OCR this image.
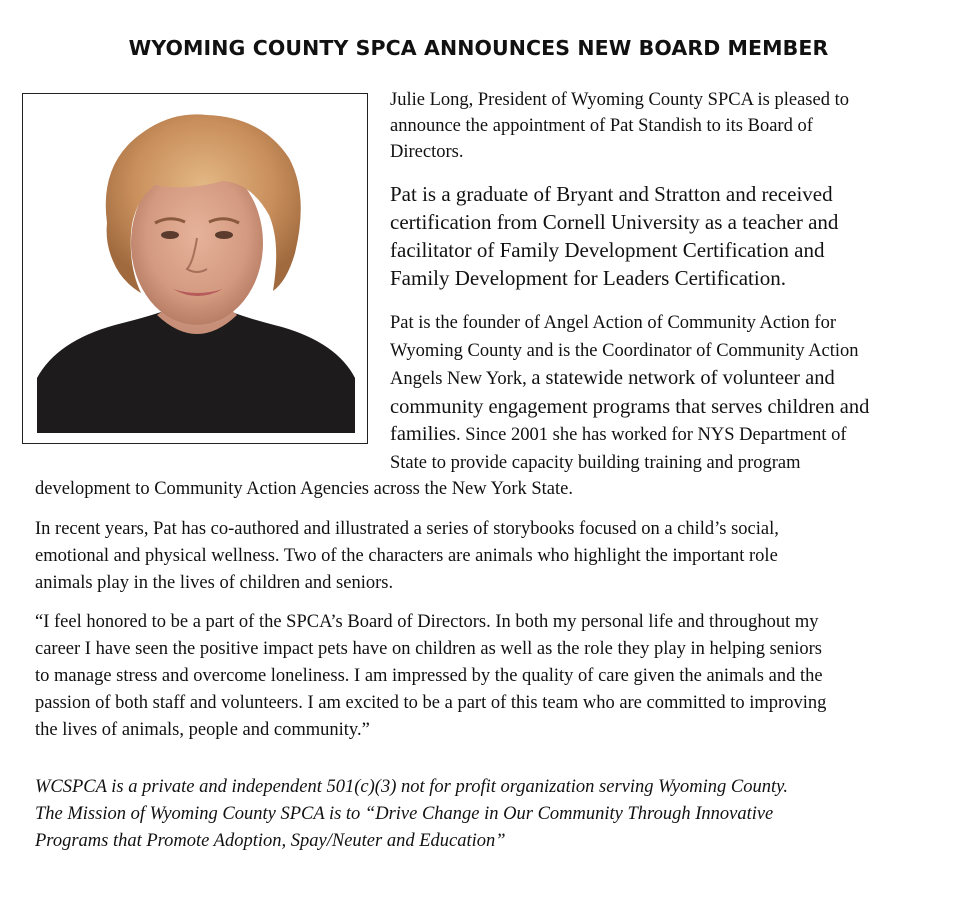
WYOMING COUNTY SPCA ANNOUNCES NEW BOARD MEMBER
Julie Long, President of Wyoming County SPCA is pleased to
announce the appointment of Pat Standish to its Board of
Directors.
Pat is a graduate of Bryant and Stratton and received
certification from Cornell University as a teacher and
facilitator of Family Development Certification and
Family Development for Leaders Certification.
Pat is the founder of Angel Action of Community Action for
Wyoming County and is the Coordinator of Community Action
Angels New York, a statewide network of volunteer and
community engagement programs that serves children and
families. Since 2001 she has worked for NYS Department of
State to provide capacity building training and program
development to Community Action Agencies across the New York State.
In recent years, Pat has co-authored and illustrated a series of storybooks focused on a child’s social,
emotional and physical wellness. Two of the characters are animals who highlight the important role
animals play in the lives of children and seniors.
“I feel honored to be a part of the SPCA’s Board of Directors. In both my personal life and throughout my
career I have seen the positive impact pets have on children as well as the role they play in helping seniors
to manage stress and overcome loneliness. I am impressed by the quality of care given the animals and the
passion of both staff and volunteers. I am excited to be a part of this team who are committed to improving
the lives of animals, people and community.”
WCSPCA is a private and independent 501(c)(3) not for profit organization serving Wyoming County.
The Mission of Wyoming County SPCA is to “Drive Change in Our Community Through Innovative
Programs that Promote Adoption, Spay/Neuter and Education”
